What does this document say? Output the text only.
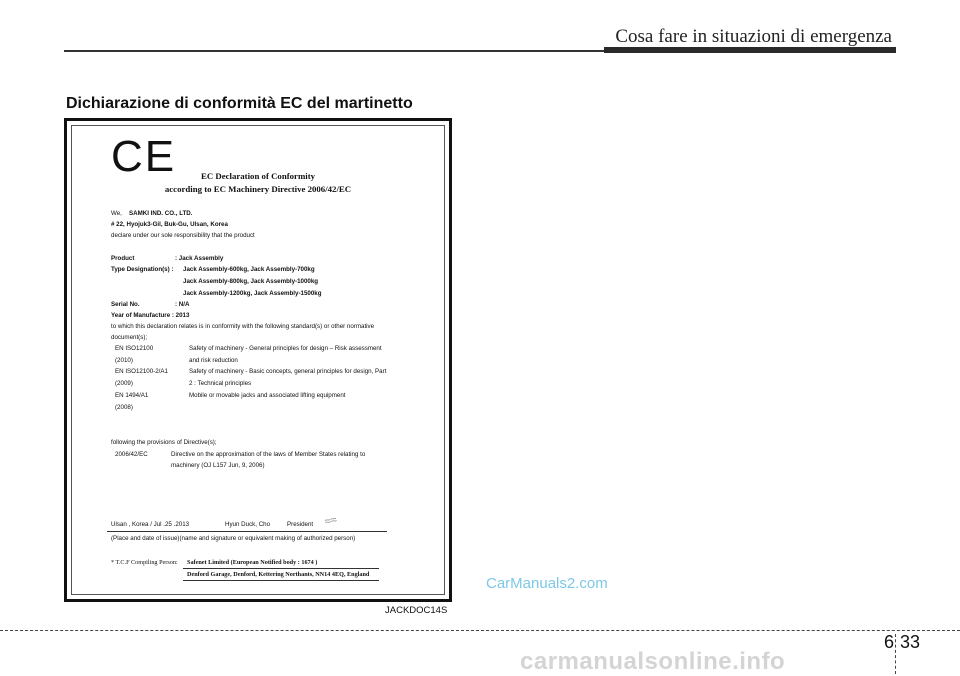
Cosa fare in situazioni di emergenza
Dichiarazione di conformità EC del martinetto
CE	EC Declaration of Conformity
according to EC Machinery Directive 2006/42/EC
We, SAMKI IND. CO., LTD.
# 22, Hyojuk3-Gil, Buk-Gu, Ulsan, Korea
declare under our sole responsibility that the product
Product	: Jack Assembly
Type Designation(s) : Jack Assembly-600kg, Jack Assembly-700kg
Jack Assembly-800kg, Jack Assembly-1000kg
Jack Assembly-1200kg, Jack Assembly-1500kg
Serial No.	: N/A
Year of Manufacture : 2013
to which this declaration relates is in conformity with the following standard(s) or other normative
document(s);
EN ISO12100	Safety of machinery - General principles for design – Risk assessment
(2010)	and risk reduction
EN ISO12100-2/A1	Safety of machinery - Basic concepts, general principles for design, Part
(2009)	2 : Technical principles
EN 1494/A1	Mobile or movable jacks and associated lifting equipment
(2008)
following the provisions of Directive(s);
2006/42/EC	Directive on the approximation of the laws of Member States relating to
machinery (OJ L157 Jun, 9, 2006)
Ulsan , Korea / Jul .25 .2013	Hyun Duck, Cho	President ≈≈
(Place and date of issue)(name and signature or equivalent making of authorized person)
* T.C.F Compiling Person: Safenet Limited (European Notified body : 1674 )
Denford Garage, Denford, Kettering Northants, NN14 4EQ, England
JACKDOC14S
CarManuals2.com
6 33
carmanualsonline.info
